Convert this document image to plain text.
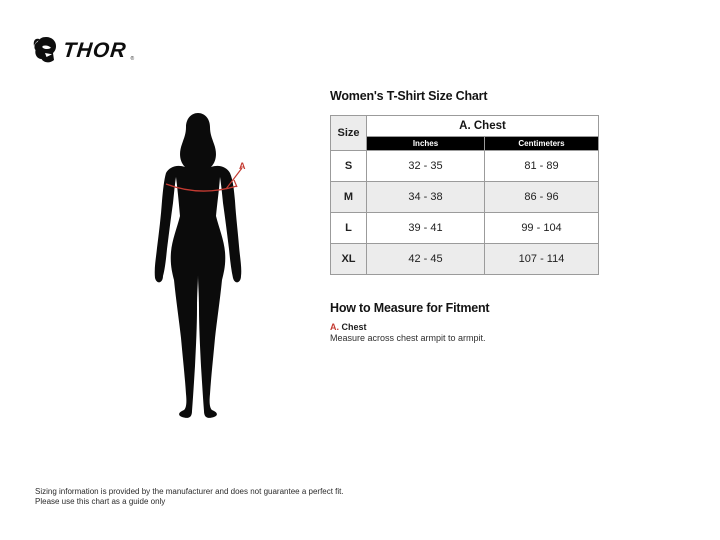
THOR ®
A
Women's T-Shirt Size Chart
Size	A. Chest	
	Inches	Centimeters
S	32 - 35	81 - 89
M	34 - 38	86 - 96
L	39 - 41	99 - 104
XL	42 - 45	107 - 114
How to Measure for Fitment
A. Chest
Measure across chest armpit to armpit.
Sizing information is provided by the manufacturer and does not guarantee a perfect fit.
Please use this chart as a guide only
